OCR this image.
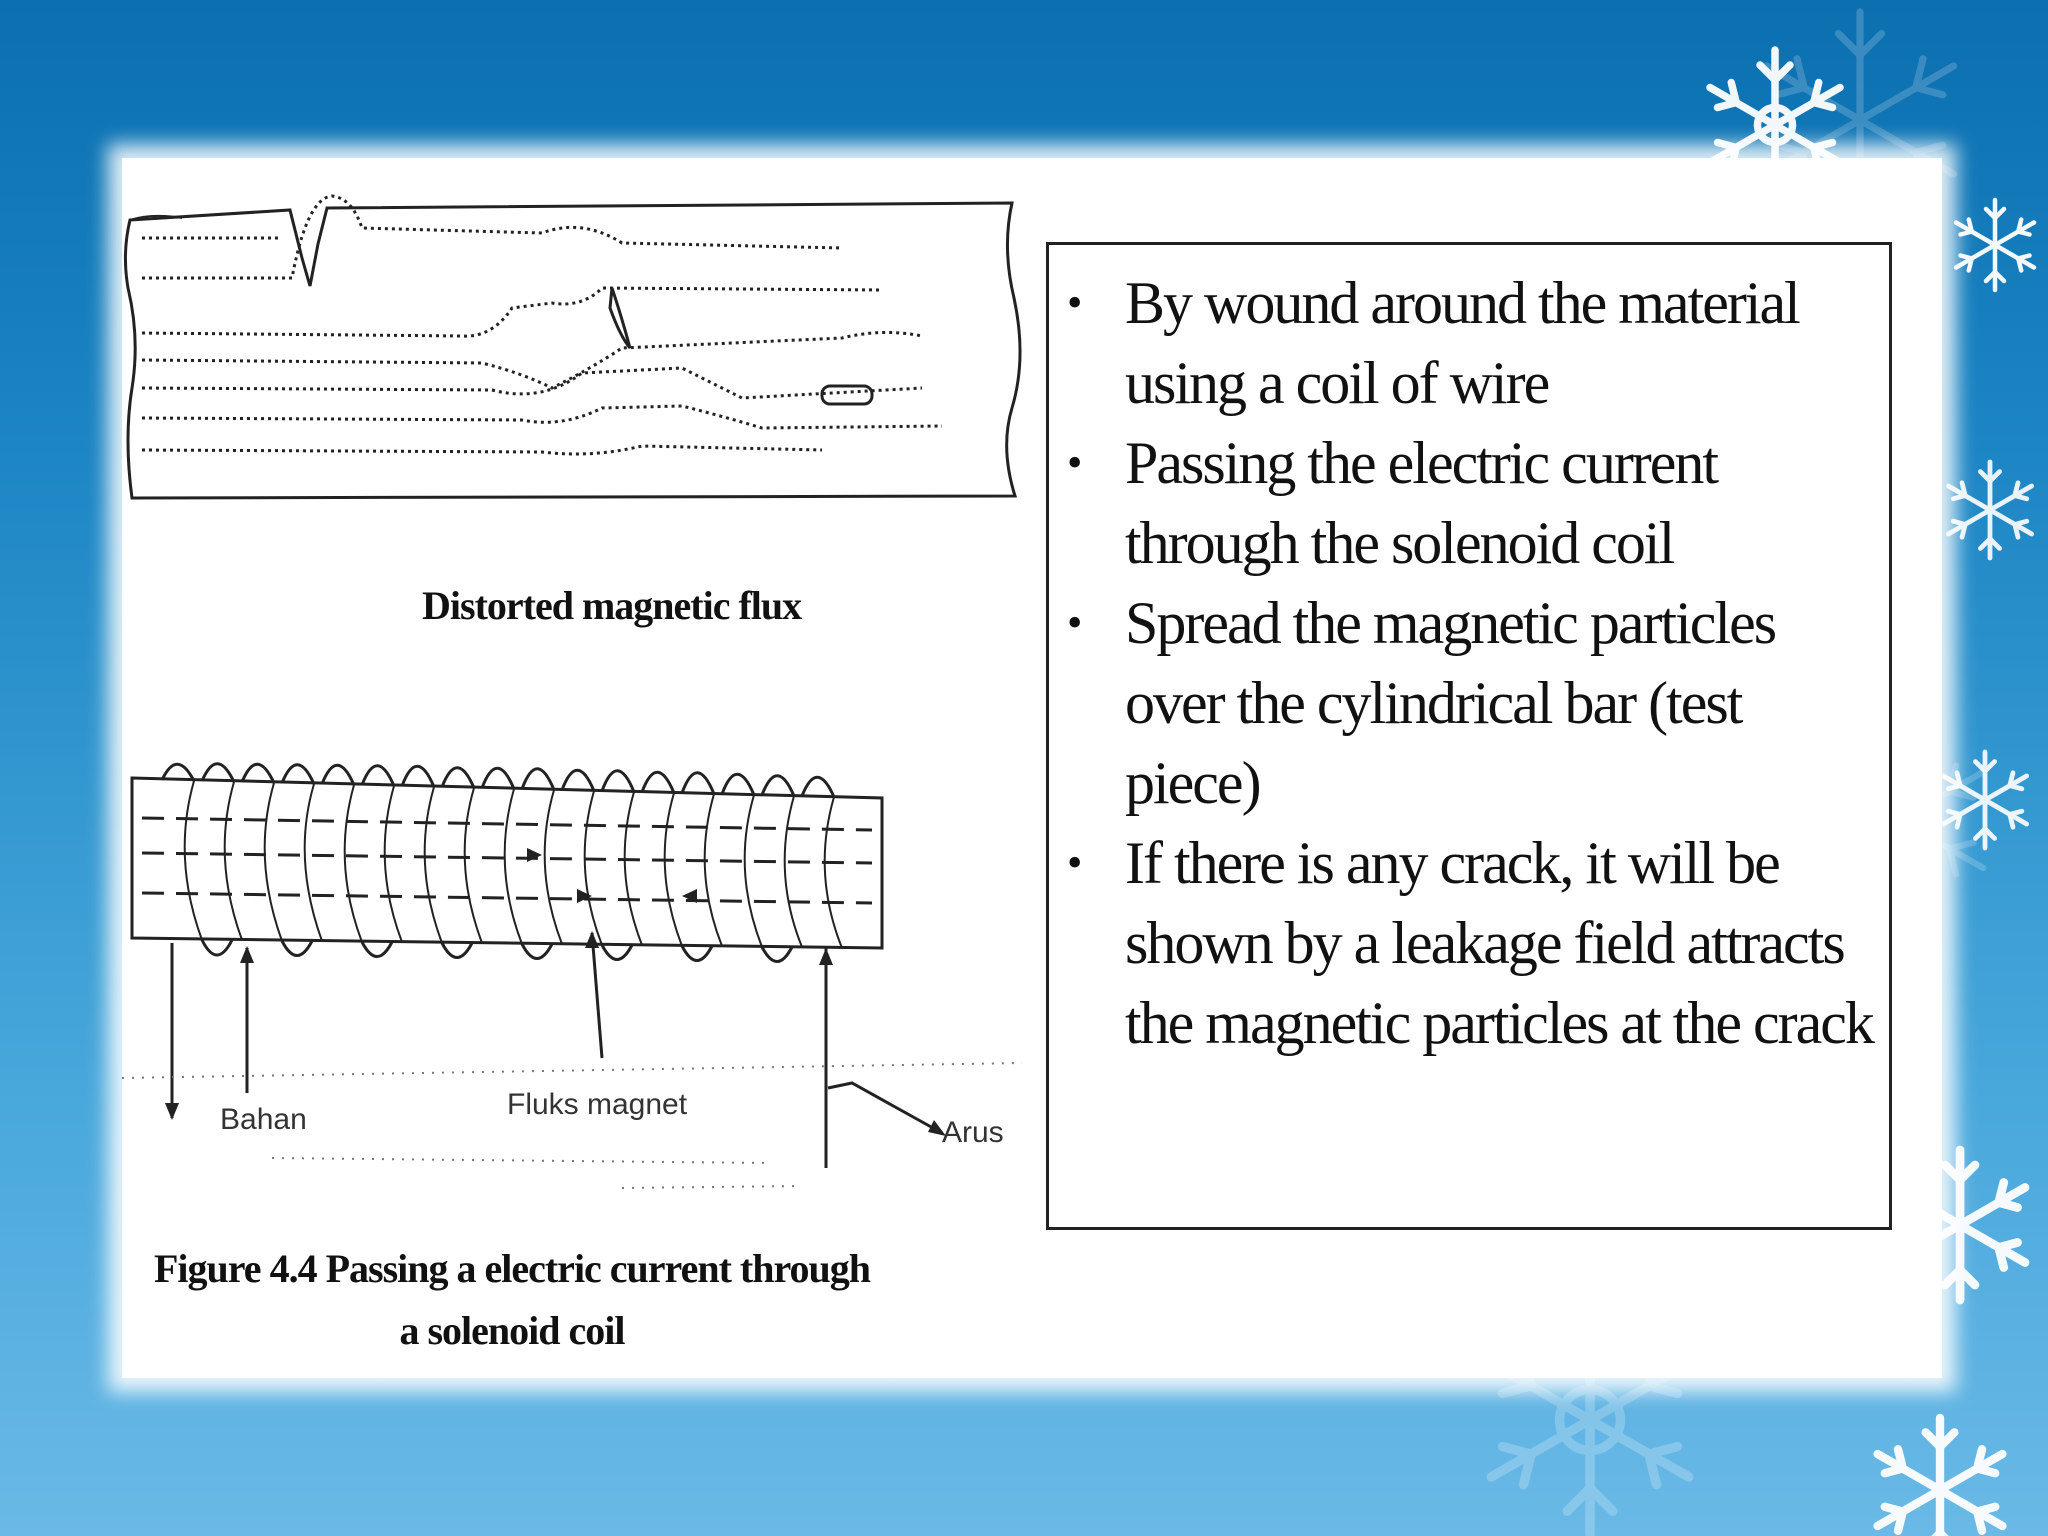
Distorted magnetic flux
Bahan	Fluks magnet
Arus
Figure 4.4 Passing a electric current through a solenoid coil
• By wound around the material using a coil of wire
• Passing the electric current through the solenoid coil
• Spread the magnetic particles over the cylindrical bar (test piece)
• If there is any crack, it will be shown by a leakage field attracts the magnetic particles at the crack
